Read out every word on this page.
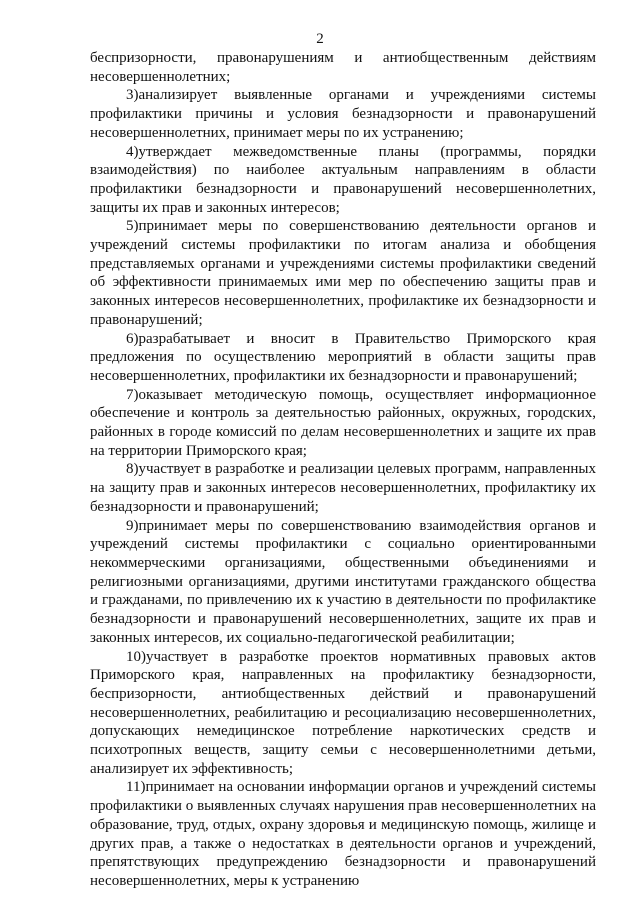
2

беспризорности, правонарушениям и антиобщественным действиям несовершеннолетних;

3)анализирует выявленные органами и учреждениями системы профилактики причины и условия безнадзорности и правонарушений несовершеннолетних, принимает меры по их устранению;

4)утверждает межведомственные планы (программы, порядки взаимодействия) по наиболее актуальным направлениям в области профилактики безнадзорности и правонарушений несовершеннолетних, защиты их прав и законных интересов;

5)принимает меры по совершенствованию деятельности органов и учреждений системы профилактики по итогам анализа и обобщения представляемых органами и учреждениями системы профилактики сведений об эффективности принимаемых ими мер по обеспечению защиты прав и законных интересов несовершеннолетних, профилактике их безнадзорности и правонарушений;

6)разрабатывает и вносит в Правительство Приморского края предложения по осуществлению мероприятий в области защиты прав несовершеннолетних, профилактики их безнадзорности и правонарушений;

7)оказывает методическую помощь, осуществляет информационное обеспечение и контроль за деятельностью районных, окружных, городских, районных в городе комиссий по делам несовершеннолетних и защите их прав на территории Приморского края;

8)участвует в разработке и реализации целевых программ, направленных на защиту прав и законных интересов несовершеннолетних, профилактику их безнадзорности и правонарушений;

9)принимает меры по совершенствованию взаимодействия органов и учреждений системы профилактики с социально ориентированными некоммерческими организациями, общественными объединениями и религиозными организациями, другими институтами гражданского общества и гражданами, по привлечению их к участию в деятельности по профилактике безнадзорности и правонарушений несовершеннолетних, защите их прав и законных интересов, их социально-педагогической реабилитации;

10)участвует в разработке проектов нормативных правовых актов Приморского края, направленных на профилактику безнадзорности, беспризорности, антиобщественных действий и правонарушений несовершеннолетних, реабилитацию и ресоциализацию несовершеннолетних, допускающих немедицинское потребление наркотических средств и психотропных веществ, защиту семьи с несовершеннолетними детьми, анализирует их эффективность;

11)принимает на основании информации органов и учреждений системы профилактики о выявленных случаях нарушения прав несовершеннолетних на образование, труд, отдых, охрану здоровья и медицинскую помощь, жилище и других прав, а также о недостатках в деятельности органов и учреждений, препятствующих предупреждению безнадзорности и правонарушений несовершеннолетних, меры к устранению
